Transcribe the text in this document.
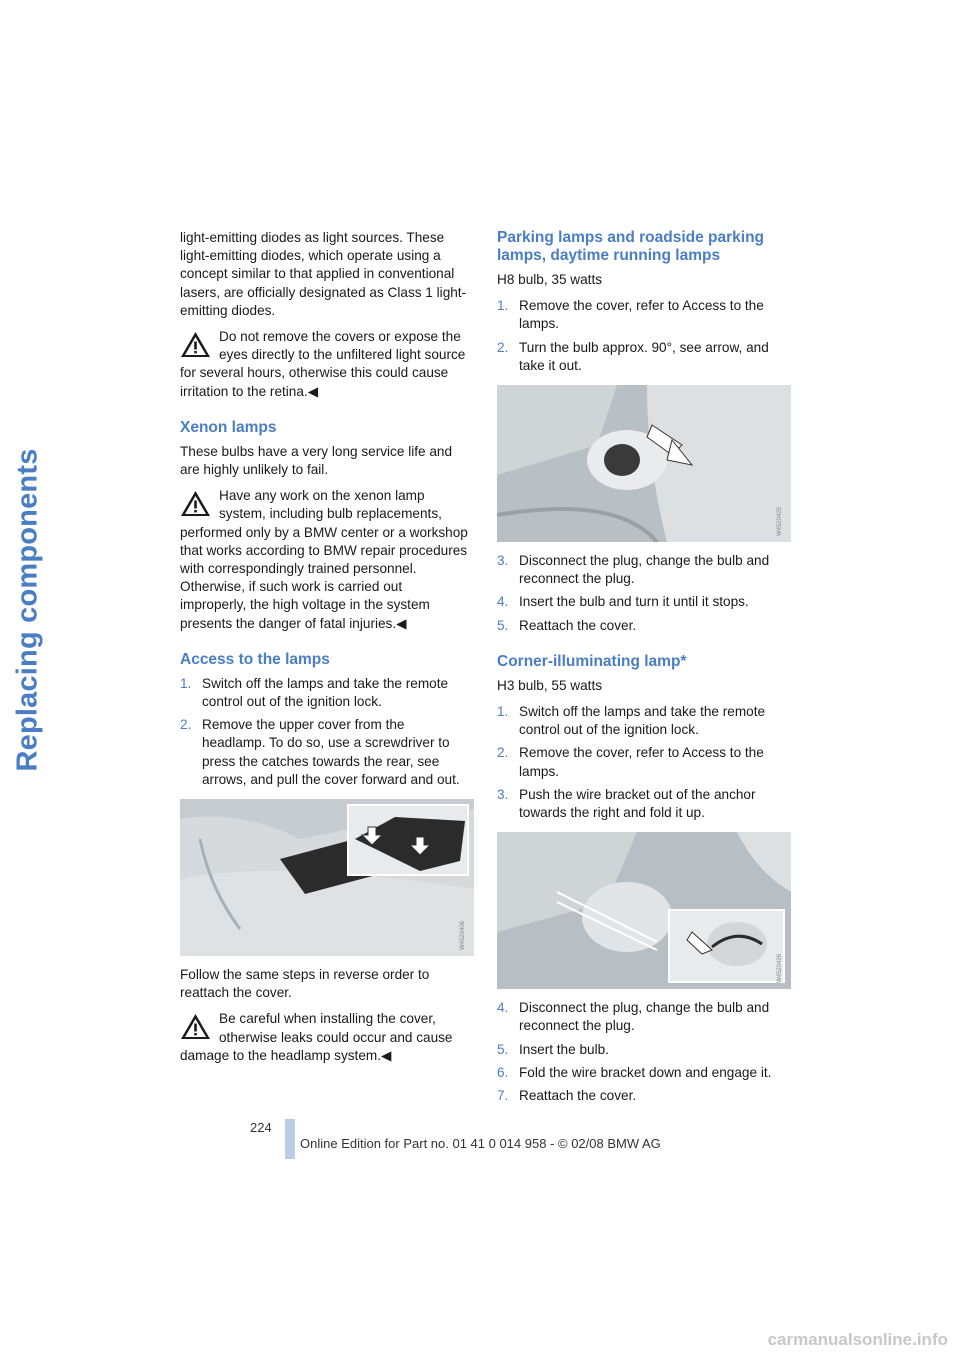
Replacing components

light-emitting diodes as light sources. These light-emitting diodes, which operate using a concept similar to that applied in conventional lasers, are officially designated as Class 1 light-emitting diodes.

Do not remove the covers or expose the eyes directly to the unfiltered light source for several hours, otherwise this could cause irritation to the retina.◀
Xenon lamps

These bulbs have a very long service life and are highly unlikely to fail.

Have any work on the xenon lamp system, including bulb replacements, performed only by a BMW center or a workshop that works according to BMW repair procedures with correspondingly trained personnel. Otherwise, if such work is carried out improperly, the high voltage in the system presents the danger of fatal injuries.◀
Access to the lamps
1. Switch off the lamps and take the remote control out of the ignition lock.
2. Remove the upper cover from the headlamp. To do so, use a screwdriver to press the catches towards the rear, see arrows, and pull the cover forward and out.
W4520406

Follow the same steps in reverse order to reattach the cover.

Be careful when installing the cover, otherwise leaks could occur and cause damage to the headlamp system.◀
Parking lamps and roadside parking lamps, daytime running lamps

H8 bulb, 35 watts

1. Remove the cover, refer to Access to the lamps.
2. Turn the bulb approx. 90°, see arrow, and take it out.
W4520425
3. Disconnect the plug, change the bulb and reconnect the plug.
4. Insert the bulb and turn it until it stops.
5. Reattach the cover.
Corner-illuminating lamp*

H3 bulb, 55 watts

1. Switch off the lamps and take the remote control out of the ignition lock.
2. Remove the cover, refer to Access to the lamps.
3. Push the wire bracket out of the anchor towards the right and fold it up.
W4520426
4. Disconnect the plug, change the bulb and reconnect the plug.
5. Insert the bulb.
6. Fold the wire bracket down and engage it.
7. Reattach the cover.
224
Online Edition for Part no. 01 41 0 014 958 - © 02/08 BMW AG
carmanualsonline.info
